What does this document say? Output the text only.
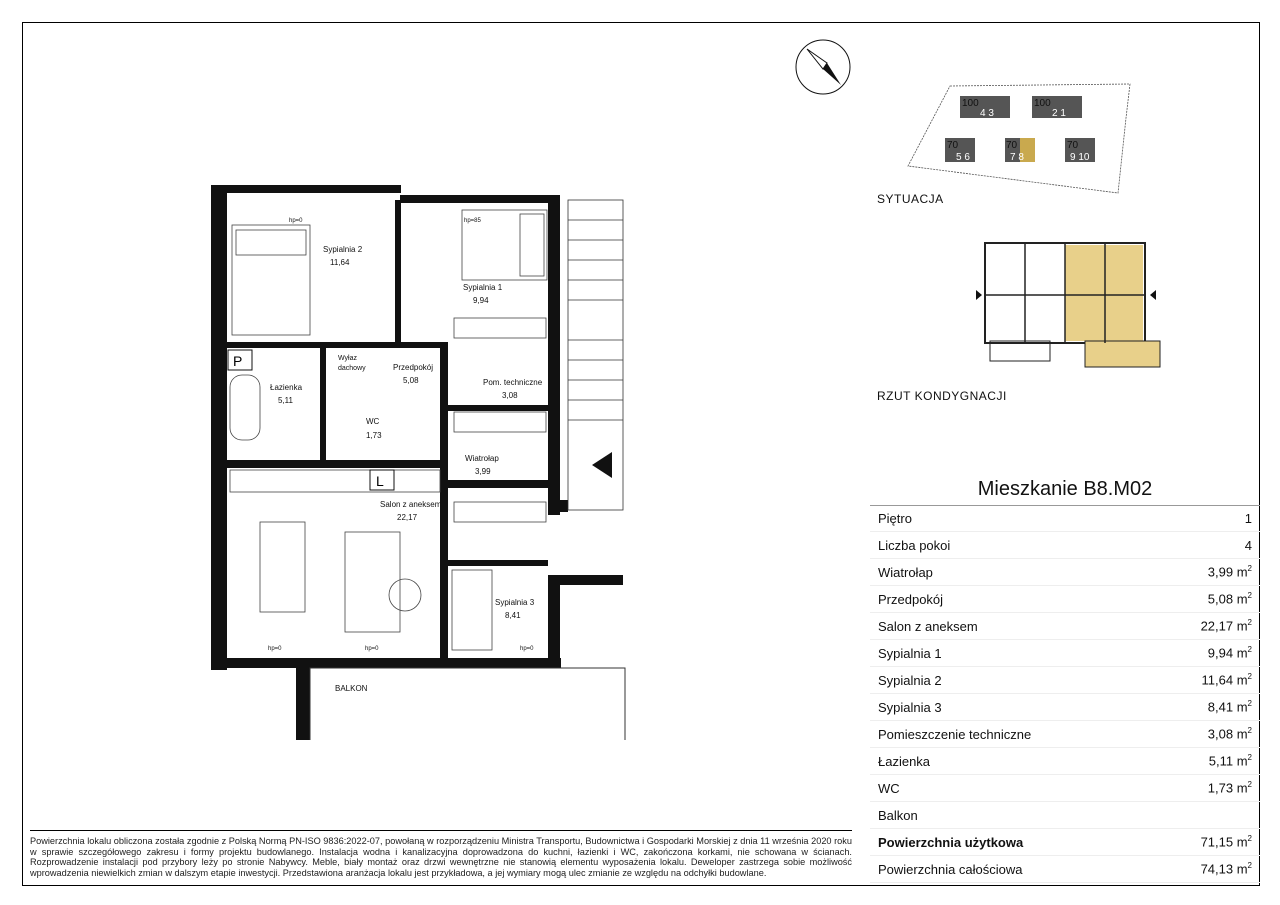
P
L
Sypialnia 2
11,64
Sypialnia 1
9,94
Łazienka
5,11
Przedpokój
5,08	Pom. techniczne
3,08
WC
1,73
Wiatrołap
3,99
Salon z aneksem
22,17
Sypialnia 3
8,41
Wyłaz
dachowy
hp=0	hp=85
hp=0	hp=0	hp=0
BALKON
100
4 3
100
2 1
70
5 6
70
7 8
70
9 10
SYTUACJA
RZUT KONDYGNACJI
Mieszkanie B8.M02
Piętro	1
Liczba pokoi	4
Wiatrołap	3,99 $m^2$
Przedpokój	5,08 $m^2$
Salon z aneksem	22,17 $m^2$
Sypialnia 1	9,94 $m^2$
Sypialnia 2	11,64 $m^2$
Sypialnia 3	8,41 $m^2$
Pomieszczenie techniczne	3,08 $m^2$
Łazienka	5,11 $m^2$
WC	1,73 $m^2$
Balkon
Powierzchnia użytkowa	71,15 $m^2$
Powierzchnia całościowa	74,13 $m^2$
Powierzchnia lokalu obliczona została zgodnie z Polską Normą PN-ISO 9836:2022-07, powołaną w rozporządzeniu Ministra Transportu, Budownictwa i Gospodarki Morskiej z dnia 11 września 2020 roku w sprawie szczegółowego zakresu i formy projektu budowlanego. Instalacja wodna i kanalizacyjna doprowadzona do kuchni, łazienki i WC, zakończona korkami, nie schowana w ścianach. Rozprowadzenie instalacji pod przybory leży po stronie Nabywcy. Meble, biały montaż oraz drzwi wewnętrzne nie stanowią elementu wyposażenia lokalu. Deweloper zastrzega sobie możliwość wprowadzenia niewielkich zmian w dalszym etapie inwestycji. Przedstawiona aranżacja lokalu jest przykładowa, a jej wymiary mogą ulec zmianie ze względu na odchyłki budowlane.
